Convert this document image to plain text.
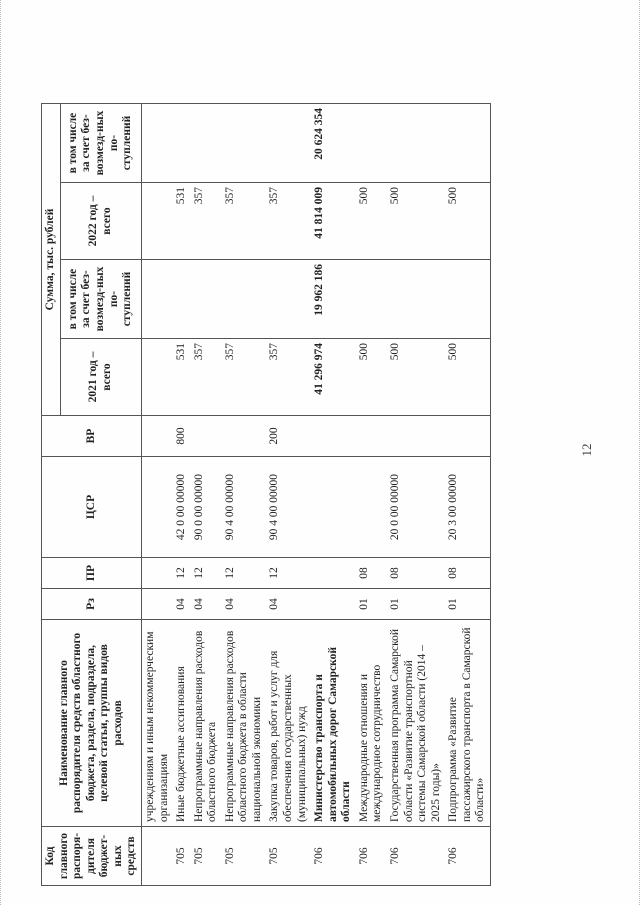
12
Код главного распоря-дителя бюджет-ных средств	Наименование главного распорядителя средств областного бюджета, раздела, подраздела, целевой статьи, группы видов расходов	Рз	ПР	ЦСР	ВР	Сумма, тыс. рублей			
						2021 год – всего	в том числе за счет без-возмезд-ных по-ступлений	2022 год – всего	в том числе за счет без-возмезд-ных по-ступлений

	учреждениям и иным некоммерческим организациям								
705	Иные бюджетные ассигнования	04	12	42 0 00 00000	800	531		531	
705	Непрограммные направления расходов областного бюджета	04	12	90 0 00 00000		357		357	
705	Непрограммные направления расходов областного бюджета в области национальной экономики	04	12	90 4 00 00000		357		357	
705	Закупка товаров, работ и услуг для обеспечения государственных (муниципальных) нужд	04	12	90 4 00 00000	200	357		357	
706	Министерство транспорта и автомобильных дорог Самарской области					41 296 974	19 962 186	41 814 009	20 624 354
706	Международные отношения и международное сотрудничество	01	08			500		500	
706	Государственная программа Самарской области «Развитие транспортной системы Самарской области (2014 – 2025 годы)»	01	08	20 0 00 00000		500		500	
706	Подпрограмма «Развитие пассажирского транспорта в Самарской области»	01	08	20 3 00 00000		500		500	
